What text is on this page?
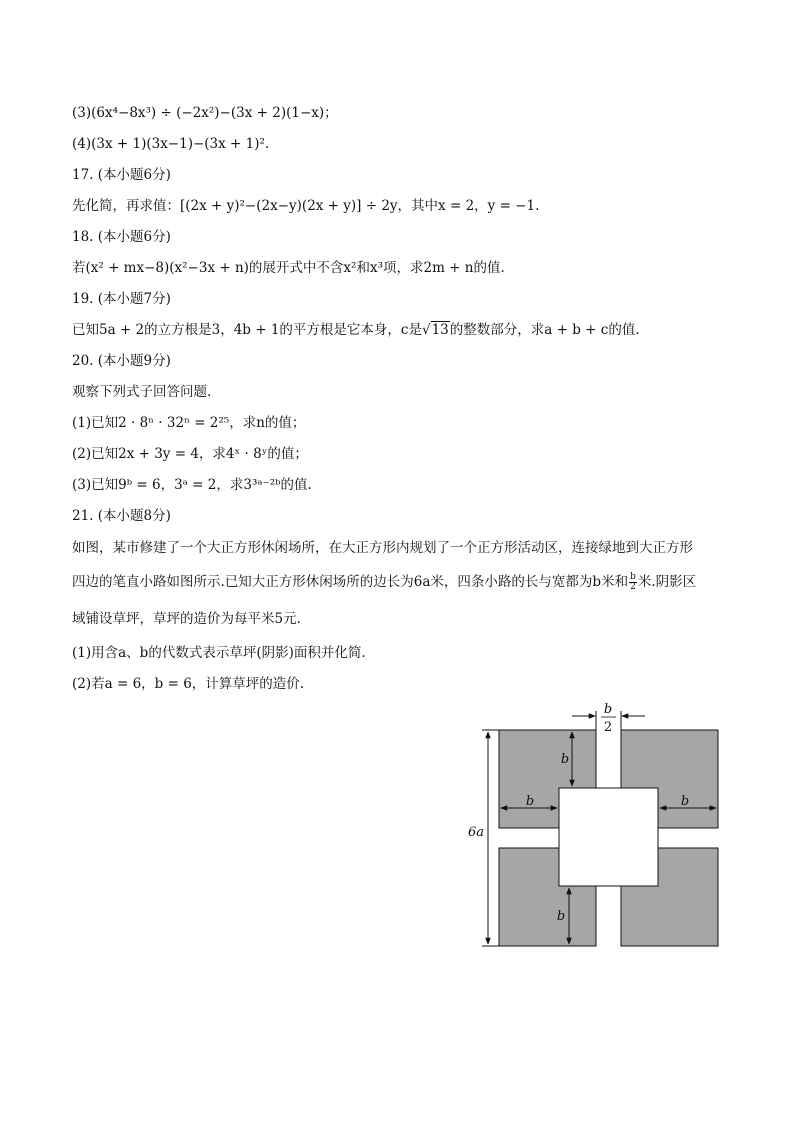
(3)(6x⁴−8x³) ÷ (−2x²)−(3x + 2)(1−x)；
(4)(3x + 1)(3x−1)−(3x + 1)².
17. (本小题6分)
先化简，再求值：[(2x + y)²−(2x−y)(2x + y)] ÷ 2y，其中x = 2，y = −1.
18. (本小题6分)
若(x² + mx−8)(x²−3x + n)的展开式中不含x²和x³项，求2m + n的值.
19. (本小题7分)
已知5a + 2的立方根是3，4b + 1的平方根是它本身，c是√13的整数部分，求a + b + c的值.
20. (本小题9分)
观察下列式子回答问题.
(1)已知2 · 8ⁿ · 32ⁿ = 2²⁵，求n的值；
(2)已知2x + 3y = 4，求4ˣ · 8ʸ的值；
(3)已知9ᵇ = 6，3ᵃ = 2，求3³ᵃ⁻²ᵇ的值.
21. (本小题8分)
如图，某市修建了一个大正方形休闲场所，在大正方形内规划了一个正方形活动区，连接绿地到大正方形
四边的笔直小路如图所示.已知大正方形休闲场所的边长为6a米，四条小路的长与宽都为b米和 $\frac{b}{2}$ 米.阴影区
域铺设草坪，草坪的造价为每平米5元.
(1)用含a、b的代数式表示草坪(阴影)面积并化简.
(2)若a = 6，b = 6，计算草坪的造价.
b
2
6a
b
b	b
b
